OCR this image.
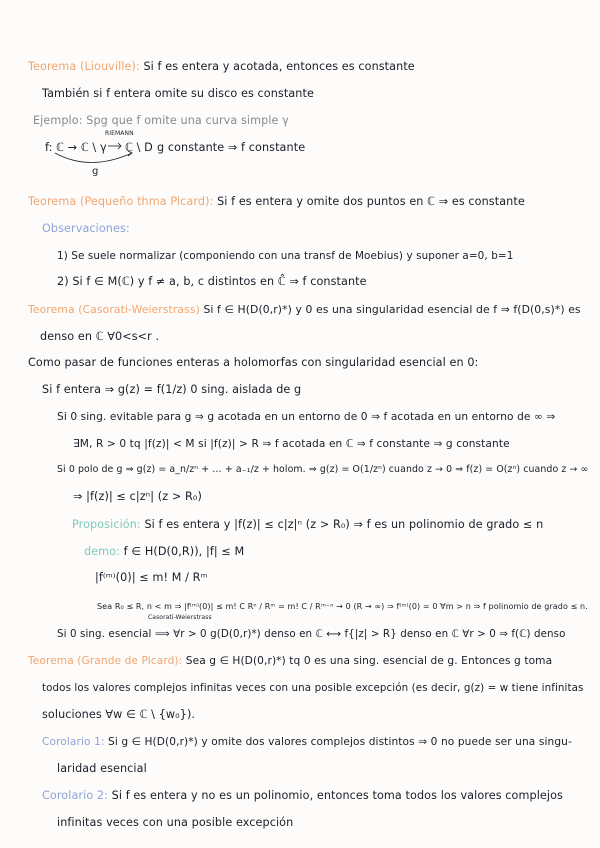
Teorema (Liouville): Si f es entera y acotada, entonces es constante
También si f entera omite su disco es constante
Ejemplo: Spg que f omite una curva simple γ
RIEMANN
f: ℂ → ℂ \ γ ℂ \ D g constante ⇒ f constante
g
Teorema (Pequeño thma Picard): Si f es entera y omite dos puntos en ℂ ⇒ es constante
Observaciones:
1) Se suele normalizar (componiendo con una transf de Moebius) y suponer a=0, b=1
2) Si f ∈ M(ℂ) y f ≠ a, b, c distintos en ℂ̂ ⇒ f constante
Teorema (Casorati-Weierstrass) Si f ∈ H(D(0,r)*) y 0 es una singularidad esencial de f ⇒ f(D(0,s)*) es
denso en ℂ ∀0<s<r .
Como pasar de funciones enteras a holomorfas con singularidad esencial en 0:
Si f entera ⇒ g(z) = f(1/z) 0 sing. aislada de g
Si 0 sing. evitable para g ⇒ g acotada en un entorno de 0 ⇒ f acotada en un entorno de ∞ ⇒
∃M, R > 0 tq |f(z)| < M si |f(z)| > R ⇒ f acotada en ℂ ⇒ f constante ⇒ g constante
Si 0 polo de g ⇒ g(z) = a_n/zⁿ + … + a₋₁/z + holom. ⇒ g(z) = O(1/zⁿ) cuando z → 0 ⇒ f(z) = O(zⁿ) cuando z → ∞
⇒ |f(z)| ≤ c|zⁿ| (z > R₀)
Proposición: Si f es entera y |f(z)| ≤ c|z|ⁿ (z > R₀) ⇒ f es un polinomio de grado ≤ n
demo: f ∈ H(D(0,R)), |f| ≤ M
|f⁽ᵐ⁾(0)| ≤ m! M / Rᵐ
Sea R₀ ≤ R, n < m ⇒ |f⁽ᵐ⁾(0)| ≤ m! C Rⁿ / Rᵐ = m! C / Rᵐ⁻ⁿ → 0 (R → ∞) ⇒ f⁽ᵐ⁾(0) = 0 ∀m > n ⇒ f polinomio de grado ≤ n.
Casorati-Weierstrass
Si 0 sing. esencial ⟹ ∀r > 0 g(D(0,r)*) denso en ℂ ⟷ f{|z| > R} denso en ℂ ∀r > 0 ⇒ f(ℂ) denso
Teorema (Grande de Picard): Sea g ∈ H(D(0,r)*) tq 0 es una sing. esencial de g. Entonces g toma
todos los valores complejos infinitas veces con una posible excepción (es decir, g(z) = w tiene infinitas
soluciones ∀w ∈ ℂ \ {w₀}).
Corolario 1: Si g ∈ H(D(0,r)*) y omite dos valores complejos distintos ⇒ 0 no puede ser una singu-
laridad esencial
Corolario 2: Si f es entera y no es un polinomio, entonces toma todos los valores complejos
infinitas veces con una posible excepción
